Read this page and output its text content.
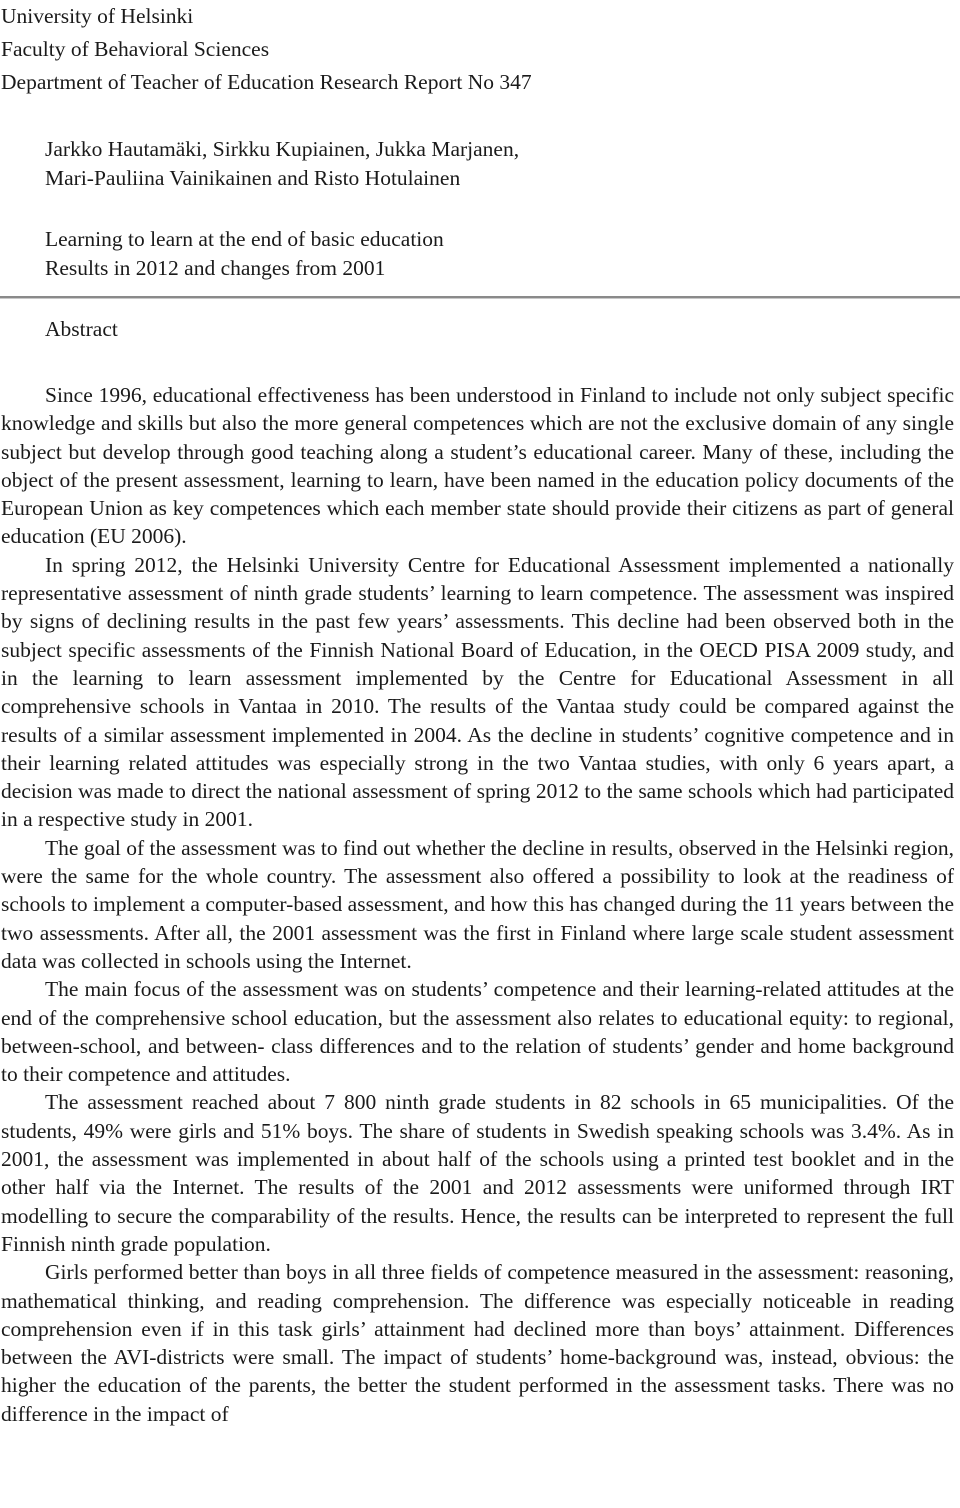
University of Helsinki
Faculty of Behavioral Sciences
Department of Teacher of Education Research Report No 347
Jarkko Hautamäki, Sirkku Kupiainen, Jukka Marjanen,
Mari-Pauliina Vainikainen and Risto Hotulainen
Learning to learn at the end of basic education
Results in 2012 and changes from 2001
Abstract

Since 1996, educational effectiveness has been understood in Finland to include not only subject specific knowledge and skills but also the more general competences which are not the exclusive domain of any single subject but develop through good teaching along a student’s educational career. Many of these, including the object of the present assessment, learning to learn, have been named in the education policy documents of the European Union as key competences which each member state should provide their citizens as part of general education (EU 2006).

In spring 2012, the Helsinki University Centre for Educational Assessment implemented a nationally representative assessment of ninth grade students’ learning to learn competence. The assessment was inspired by signs of declining results in the past few years’ assessments. This decline had been observed both in the subject specific assessments of the Finnish National Board of Education, in the OECD PISA 2009 study, and in the learning to learn assessment implemented by the Centre for Educational Assessment in all comprehensive schools in Vantaa in 2010. The results of the Vantaa study could be compared against the results of a similar assessment implemented in 2004. As the decline in students’ cognitive competence and in their learning related attitudes was especially strong in the two Vantaa studies, with only 6 years apart, a decision was made to direct the national assessment of spring 2012 to the same schools which had participated in a respective study in 2001.

The goal of the assessment was to find out whether the decline in results, observed in the Helsinki region, were the same for the whole country. The assessment also offered a possibility to look at the readiness of schools to implement a computer-based assessment, and how this has changed during the 11 years between the two assessments. After all, the 2001 assessment was the first in Finland where large scale student assessment data was collected in schools using the Internet.

The main focus of the assessment was on students’ competence and their learning-related attitudes at the end of the comprehensive school education, but the assessment also relates to educational equity: to regional, between-school, and between- class differences and to the relation of students’ gender and home background to their competence and attitudes.

The assessment reached about 7 800 ninth grade students in 82 schools in 65 municipalities. Of the students, 49% were girls and 51% boys. The share of students in Swedish speaking schools was 3.4%. As in 2001, the assessment was implemented in about half of the schools using a printed test booklet and in the other half via the Internet. The results of the 2001 and 2012 assessments were uniformed through IRT modelling to secure the comparability of the results. Hence, the results can be interpreted to represent the full Finnish ninth grade population.

Girls performed better than boys in all three fields of competence measured in the assessment: reasoning, mathematical thinking, and reading comprehension. The difference was especially noticeable in reading comprehension even if in this task girls’ attainment had declined more than boys’ attainment. Differences between the AVI-districts were small. The impact of students’ home-background was, instead, obvious: the higher the education of the parents, the better the student performed in the assessment tasks. There was no difference in the impact of
